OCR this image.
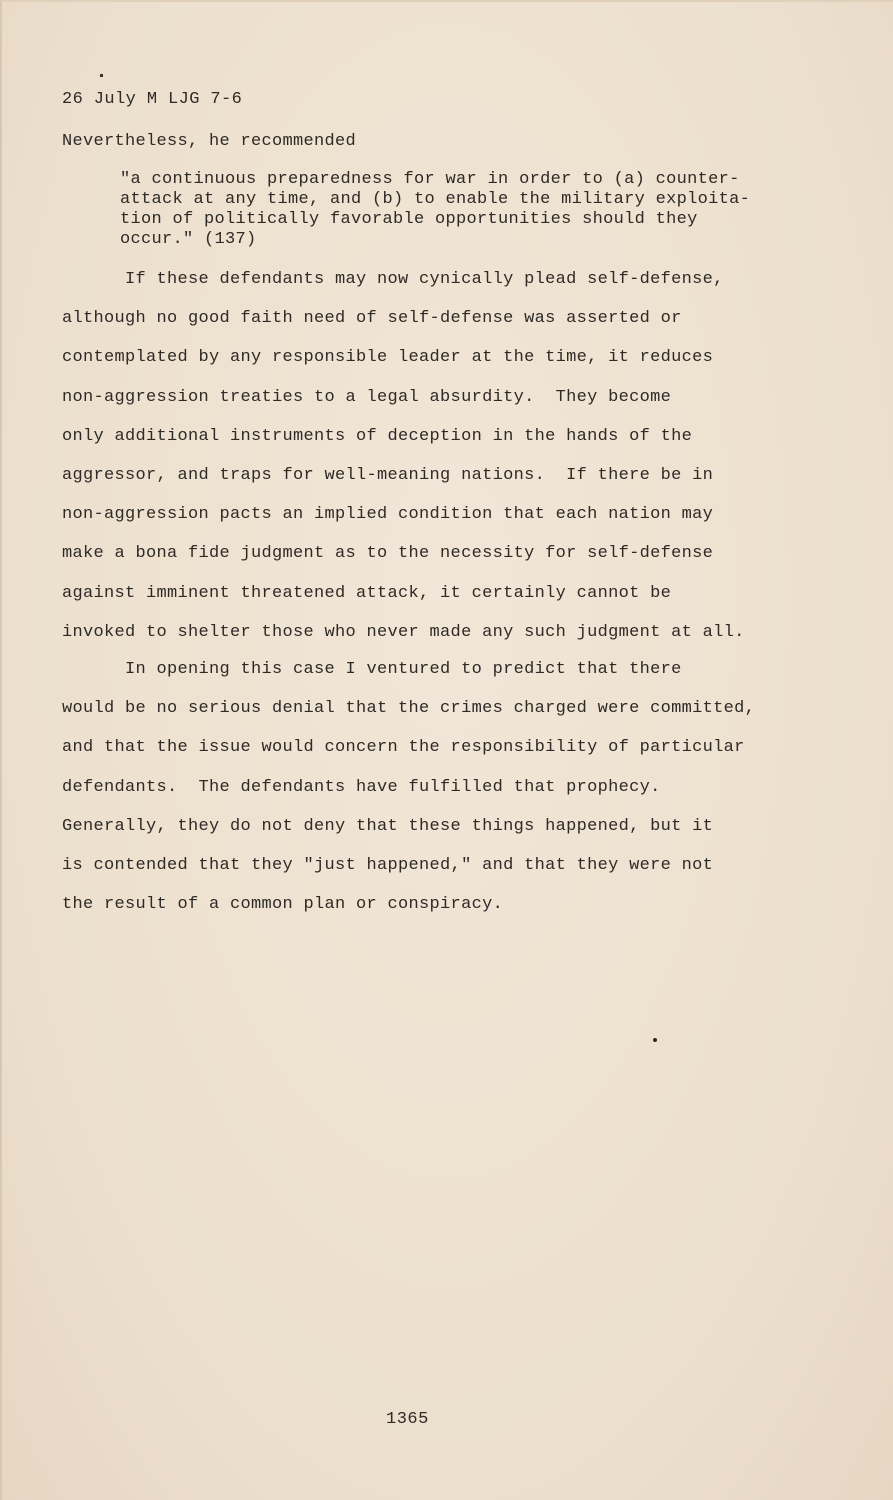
26 July M LJG 7-6
Nevertheless, he recommended
"a continuous preparedness for war in order to (a) counter-
attack at any time, and (b) to enable the military exploita-
tion of politically favorable opportunities should they
occur." (137)
If these defendants may now cynically plead self-defense,
although no good faith need of self-defense was asserted or
contemplated by any responsible leader at the time, it reduces
non-aggression treaties to a legal absurdity.  They become
only additional instruments of deception in the hands of the
aggressor, and traps for well-meaning nations.  If there be in
non-aggression pacts an implied condition that each nation may
make a bona fide judgment as to the necessity for self-defense
against imminent threatened attack, it certainly cannot be
invoked to shelter those who never made any such judgment at all.
In opening this case I ventured to predict that there
would be no serious denial that the crimes charged were committed,
and that the issue would concern the responsibility of particular
defendants.  The defendants have fulfilled that prophecy.
Generally, they do not deny that these things happened, but it
is contended that they "just happened," and that they were not
the result of a common plan or conspiracy.
1365
